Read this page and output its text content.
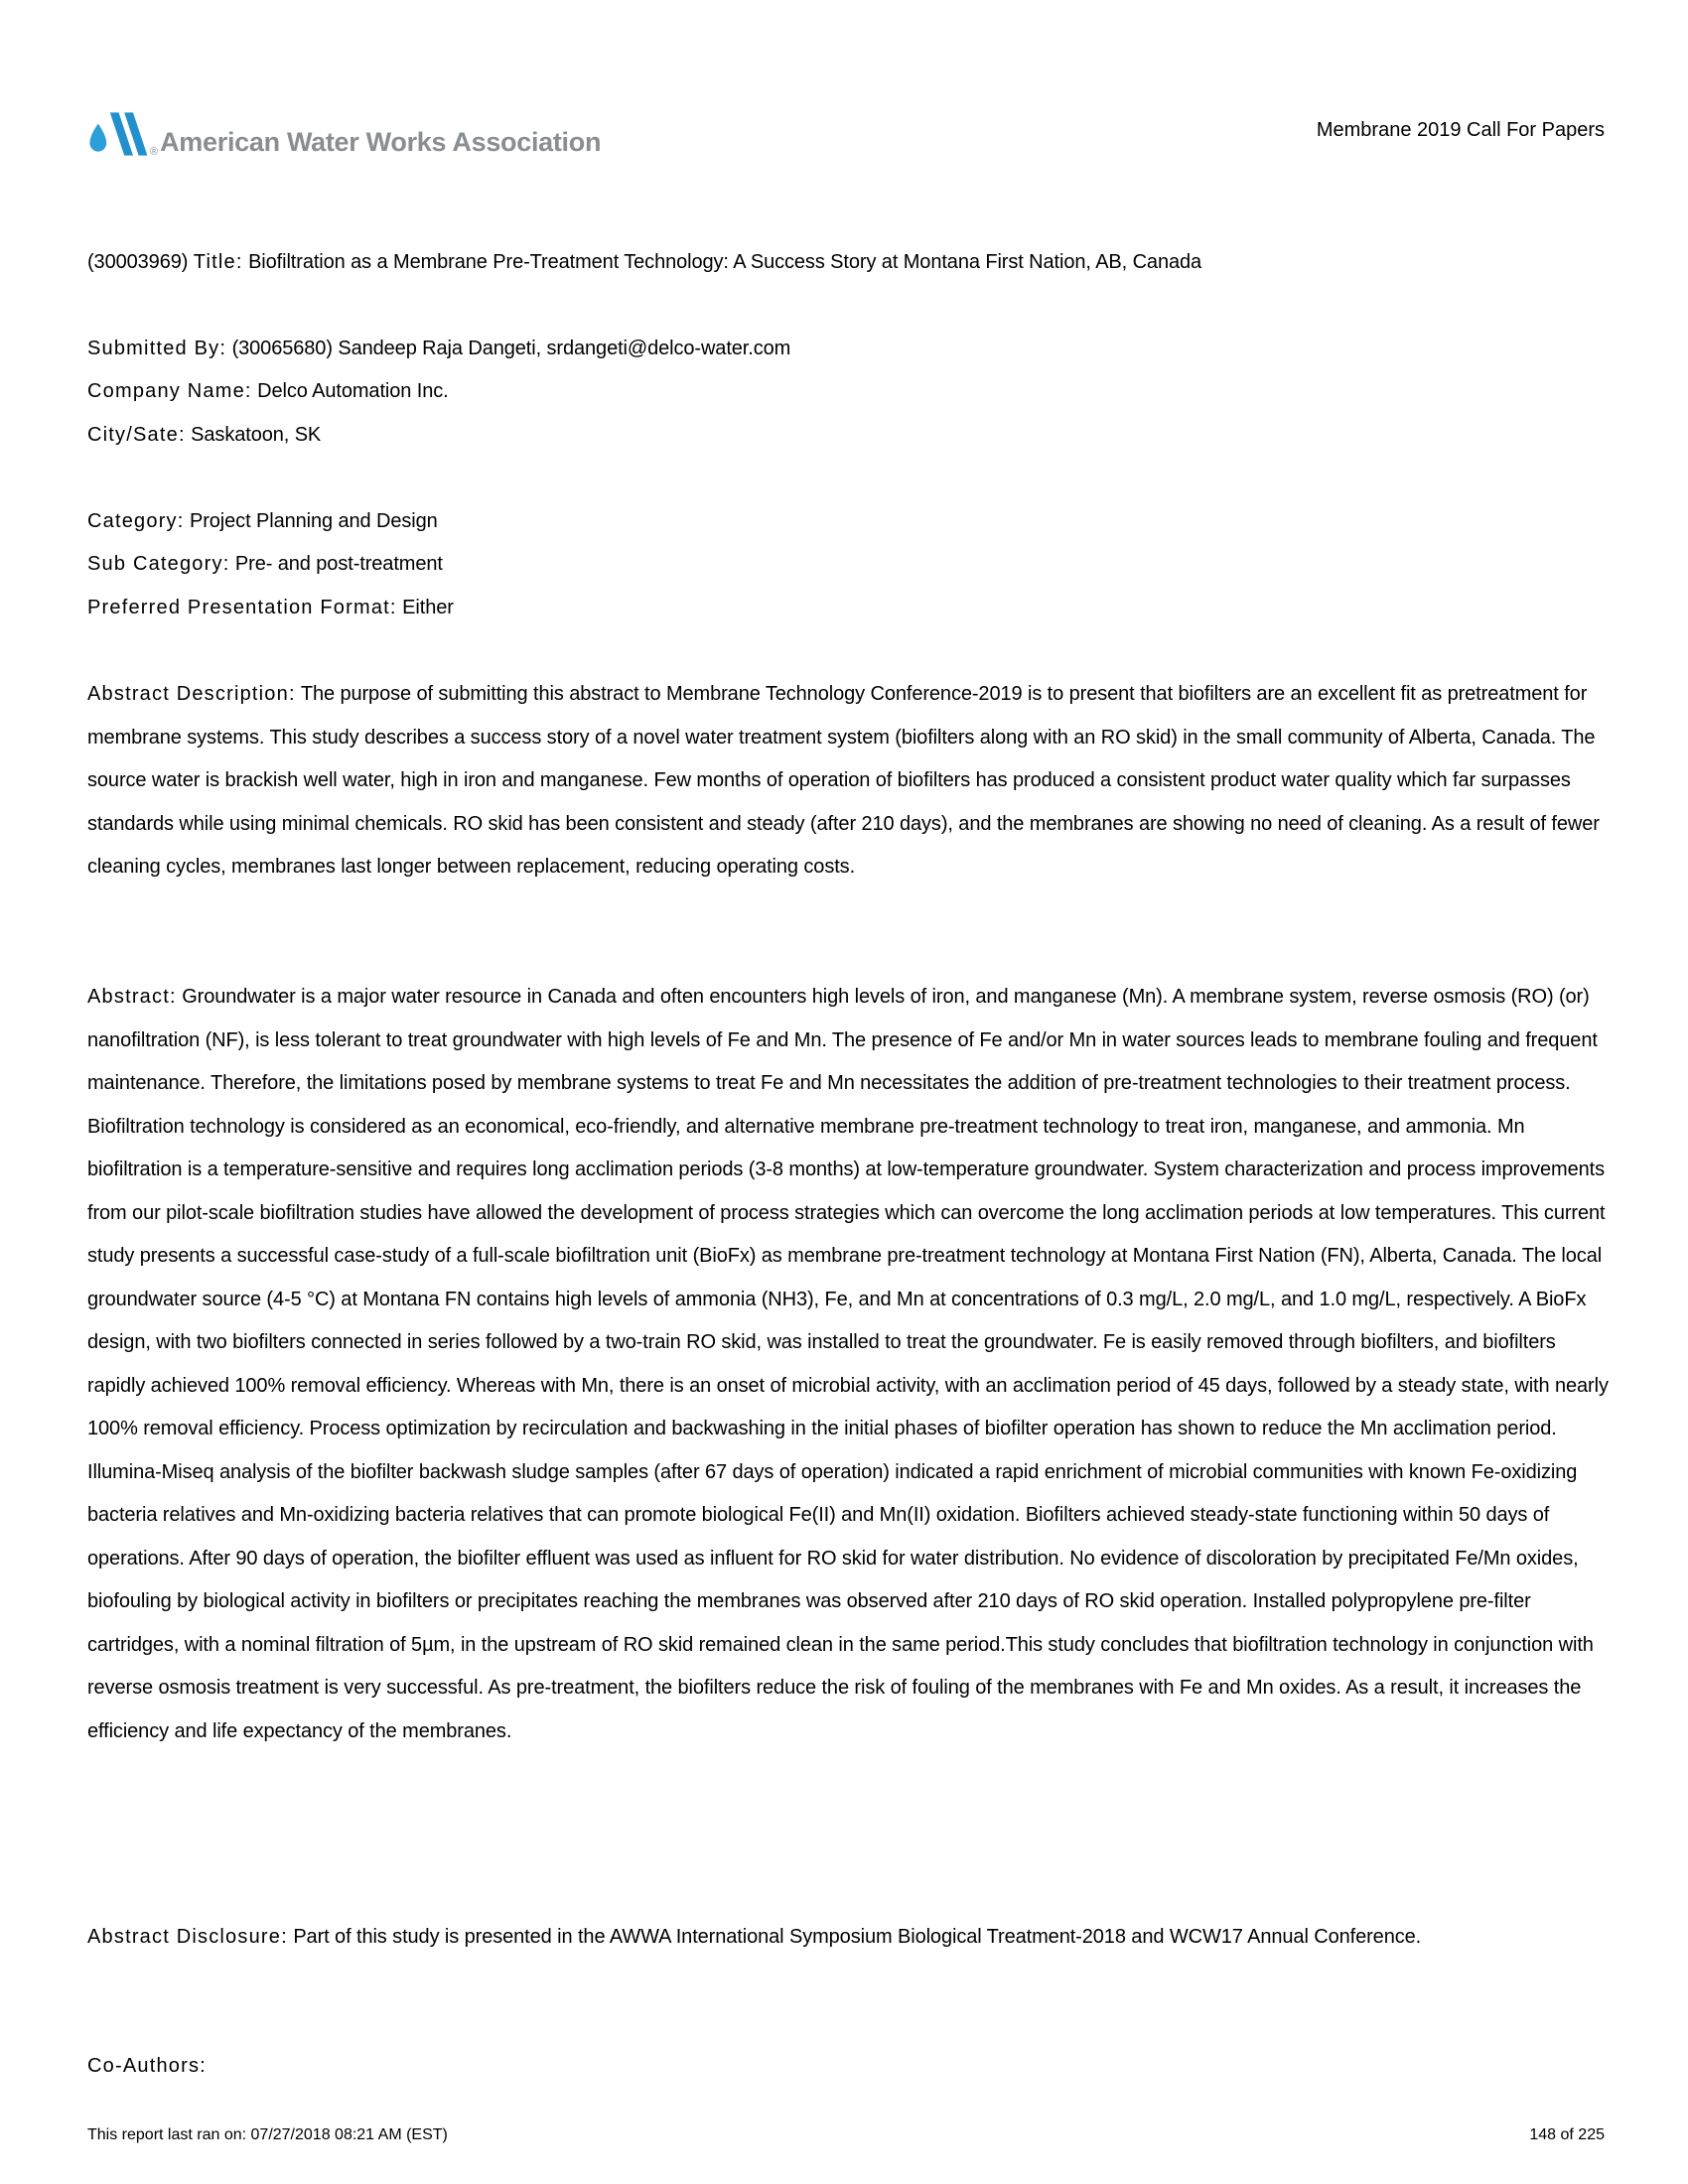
® American Water Works Association	Membrane 2019 Call For Papers

(30003969) Title: Biofiltration as a Membrane Pre-Treatment Technology: A Success Story at Montana First Nation, AB, Canada

Submitted By: (30065680) Sandeep Raja Dangeti, srdangeti@delco-water.com

Company Name: Delco Automation Inc.

City/Sate: Saskatoon, SK

Category: Project Planning and Design

Sub Category: Pre- and post-treatment

Preferred Presentation Format: Either

Abstract Description: The purpose of submitting this abstract to Membrane Technology Conference-2019 is to present that biofilters are an excellent fit as pretreatment for membrane systems. This study describes a success story of a novel water treatment system (biofilters along with an RO skid) in the small community of Alberta, Canada. The source water is brackish well water, high in iron and manganese. Few months of operation of biofilters has produced a consistent product water quality which far surpasses standards while using minimal chemicals. RO skid has been consistent and steady (after 210 days), and the membranes are showing no need of cleaning. As a result of fewer cleaning cycles, membranes last longer between replacement, reducing operating costs.

Abstract: Groundwater is a major water resource in Canada and often encounters high levels of iron, and manganese (Mn). A membrane system, reverse osmosis (RO) (or) nanofiltration (NF), is less tolerant to treat groundwater with high levels of Fe and Mn. The presence of Fe and/or Mn in water sources leads to membrane fouling and frequent maintenance. Therefore, the limitations posed by membrane systems to treat Fe and Mn necessitates the addition of pre-treatment technologies to their treatment process. Biofiltration technology is considered as an economical, eco-friendly, and alternative membrane pre-treatment technology to treat iron, manganese, and ammonia. Mn biofiltration is a temperature-sensitive and requires long acclimation periods (3-8 months) at low-temperature groundwater. System characterization and process improvements from our pilot-scale biofiltration studies have allowed the development of process strategies which can overcome the long acclimation periods at low temperatures. This current study presents a successful case-study of a full-scale biofiltration unit (BioFx) as membrane pre-treatment technology at Montana First Nation (FN), Alberta, Canada. The local groundwater source (4-5 °C) at Montana FN contains high levels of ammonia (NH3), Fe, and Mn at concentrations of 0.3 mg/L, 2.0 mg/L, and 1.0 mg/L, respectively. A BioFx design, with two biofilters connected in series followed by a two-train RO skid, was installed to treat the groundwater. Fe is easily removed through biofilters, and biofilters rapidly achieved 100% removal efficiency. Whereas with Mn, there is an onset of microbial activity, with an acclimation period of 45 days, followed by a steady state, with nearly 100% removal efficiency. Process optimization by recirculation and backwashing in the initial phases of biofilter operation has shown to reduce the Mn acclimation period. Illumina-Miseq analysis of the biofilter backwash sludge samples (after 67 days of operation) indicated a rapid enrichment of microbial communities with known Fe-oxidizing bacteria relatives and Mn-oxidizing bacteria relatives that can promote biological Fe(II) and Mn(II) oxidation. Biofilters achieved steady-state functioning within 50 days of operations. After 90 days of operation, the biofilter effluent was used as influent for RO skid for water distribution. No evidence of discoloration by precipitated Fe/Mn oxides, biofouling by biological activity in biofilters or precipitates reaching the membranes was observed after 210 days of RO skid operation. Installed polypropylene pre-filter cartridges, with a nominal filtration of 5µm, in the upstream of RO skid remained clean in the same period.This study concludes that biofiltration technology in conjunction with reverse osmosis treatment is very successful. As pre-treatment, the biofilters reduce the risk of fouling of the membranes with Fe and Mn oxides. As a result, it increases the efficiency and life expectancy of the membranes.

Abstract Disclosure: Part of this study is presented in the AWWA International Symposium Biological Treatment-2018 and WCW17 Annual Conference.

Co-Authors:

This report last ran on: 07/27/2018 08:21 AM (EST)	148 of 225
